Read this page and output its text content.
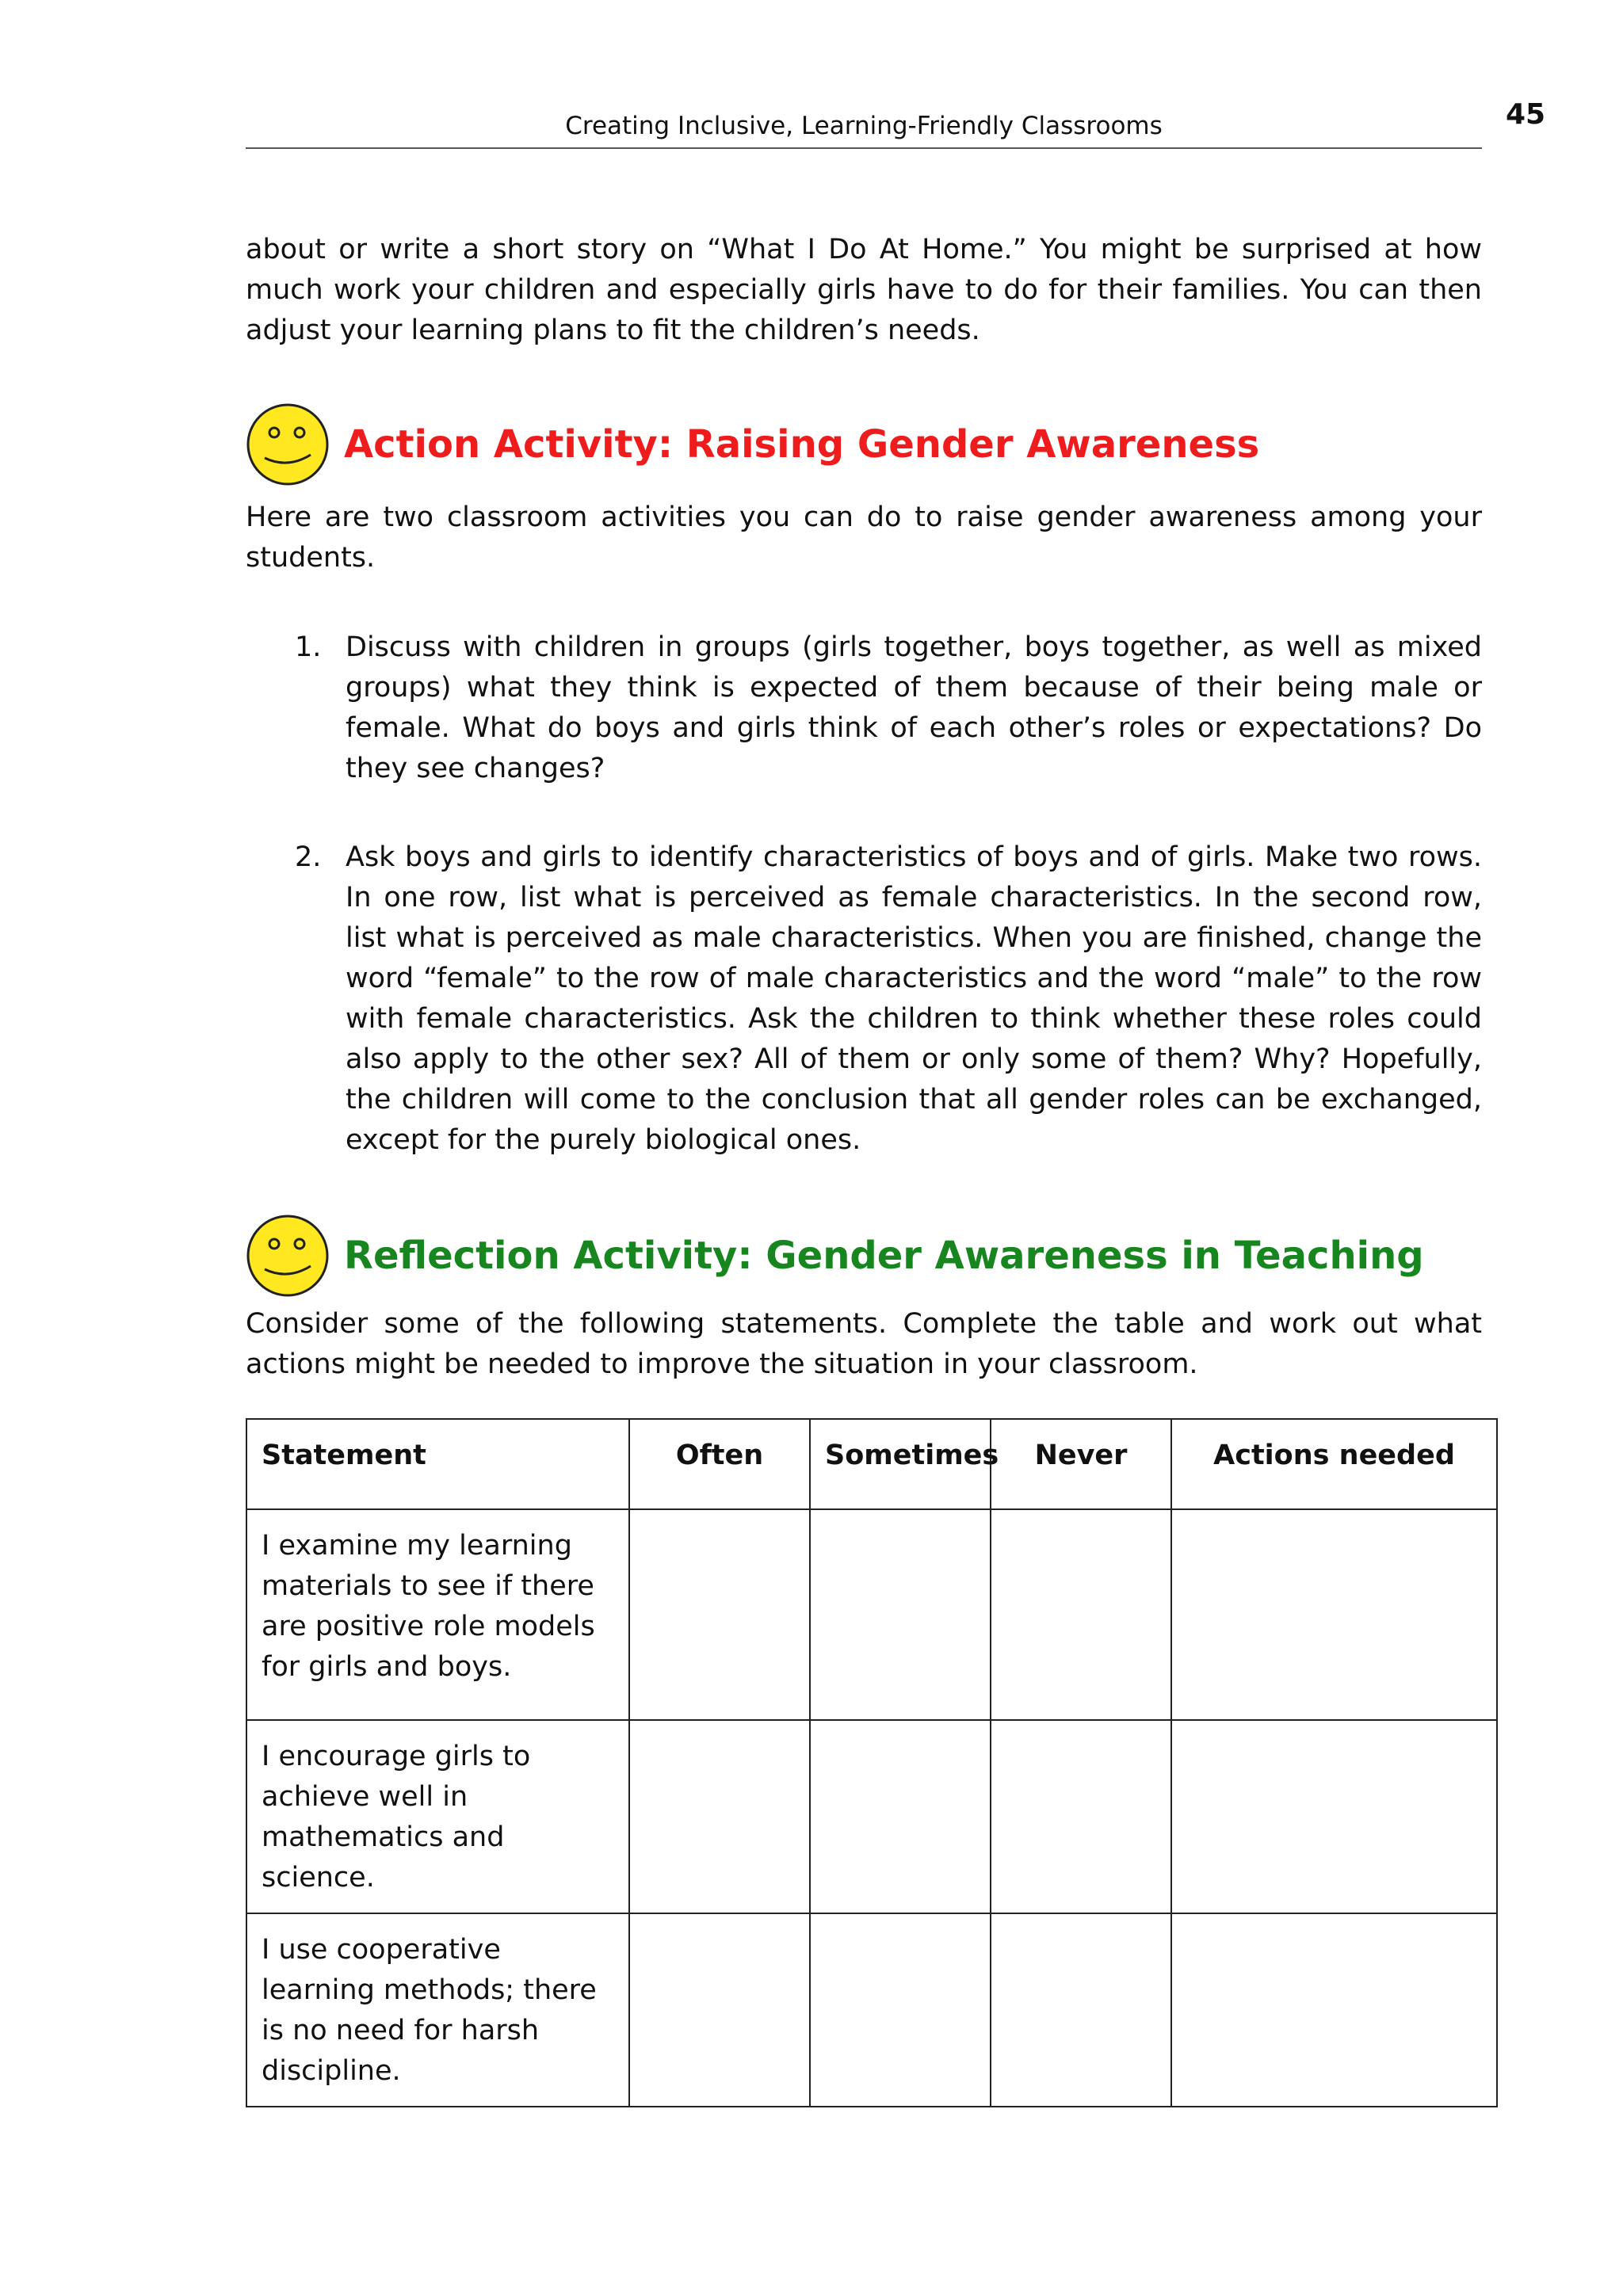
Creating Inclusive, Learning-Friendly Classrooms	45

about or write a short story on “What I Do At Home.” You might be surprised at how much work your children and especially girls have to do for their families. You can then adjust your learning plans to fit the children’s needs.

Action Activity: Raising Gender Awareness

Here are two classroom activities you can do to raise gender awareness among your students.

1. Discuss with children in groups (girls together, boys together, as well as mixed groups) what they think is expected of them because of their being male or female. What do boys and girls think of each other’s roles or expectations? Do they see changes?

2. Ask boys and girls to identify characteristics of boys and of girls. Make two rows. In one row, list what is perceived as female characteristics. In the second row, list what is perceived as male characteristics. When you are finished, change the word “female” to the row of male characteristics and the word “male” to the row with female characteristics. Ask the children to think whether these roles could also apply to the other sex? All of them or only some of them? Why? Hopefully, the children will come to the conclusion that all gender roles can be exchanged, except for the purely biological ones.

Reflection Activity: Gender Awareness in Teaching

Consider some of the following statements. Complete the table and work out what actions might be needed to improve the situation in your classroom.

Statement	Often	Sometimes	Never	Actions needed
I examine my learning materials to see if there are positive role models for girls and boys.				
I encourage girls to achieve well in mathematics and science.				
I use cooperative learning methods; there is no need for harsh discipline.				
